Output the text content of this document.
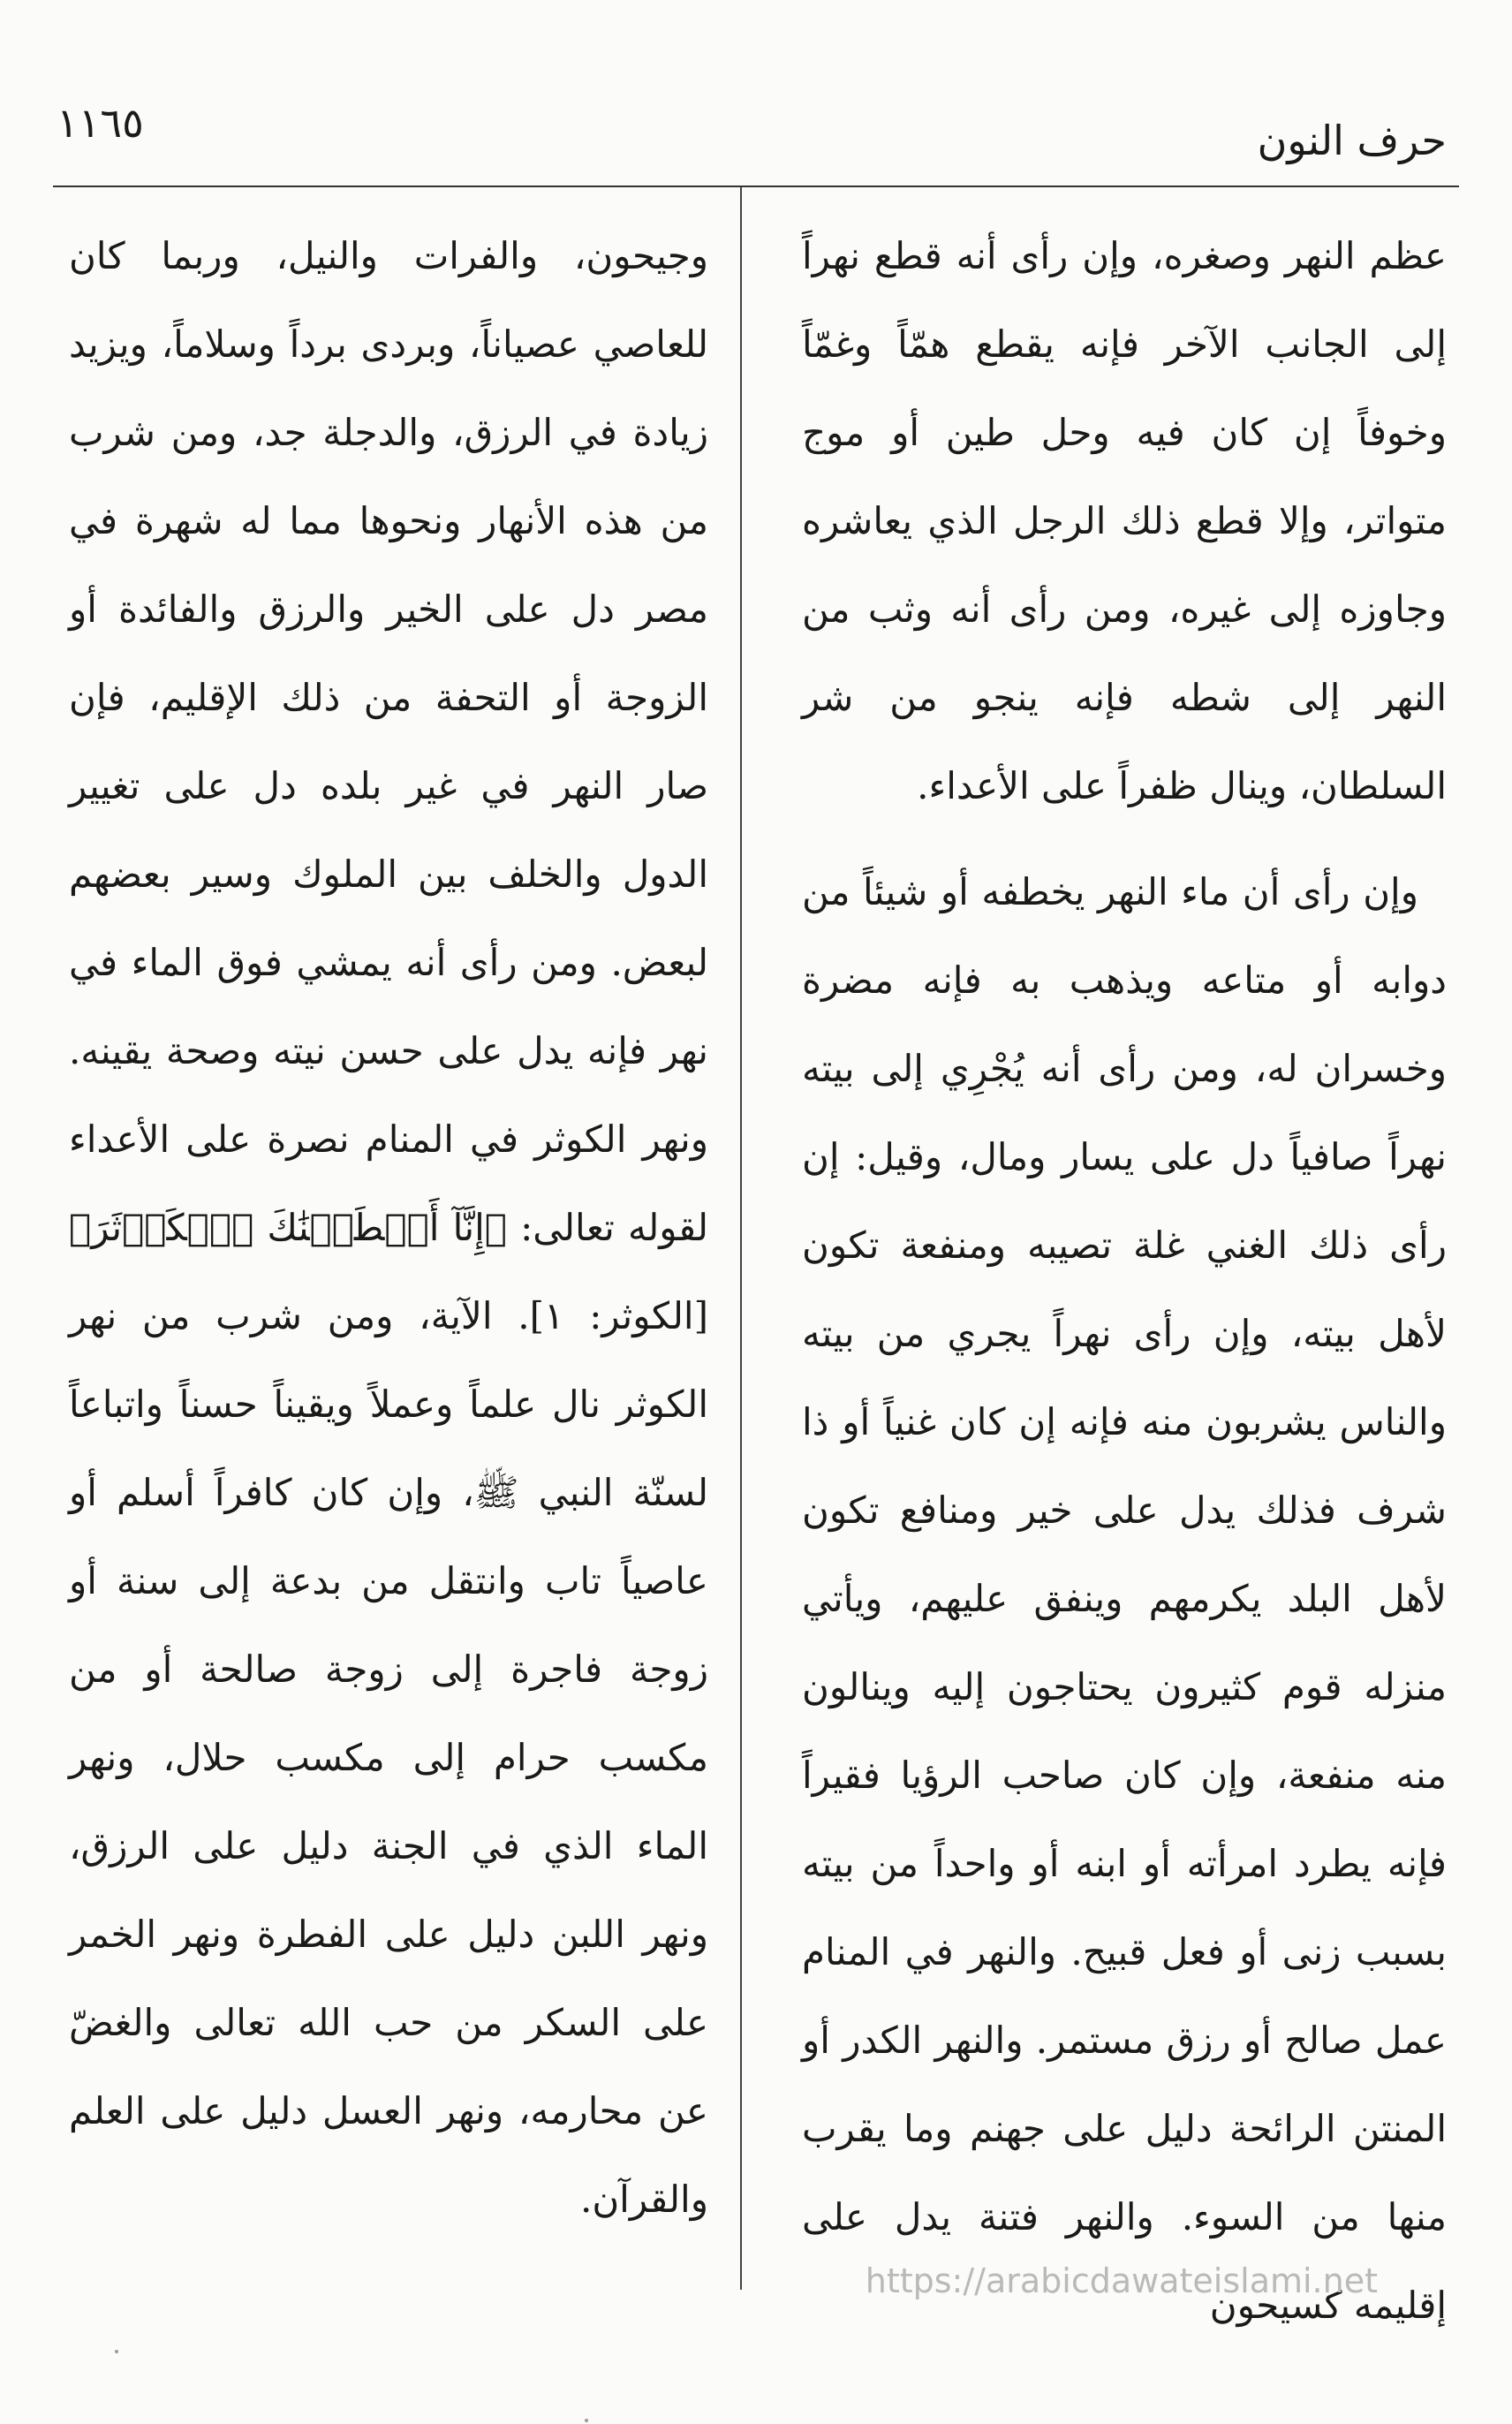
حرف النون
١١٦٥

عظم النهر وصغره، وإن رأى أنه قطع نهراً إلى الجانب الآخر فإنه يقطع همّاً وغمّاً وخوفاً إن كان فيه وحل طين أو موج متواتر، وإلا قطع ذلك الرجل الذي يعاشره وجاوزه إلى غيره، ومن رأى أنه وثب من النهر إلى شطه فإنه ينجو من شر السلطان، وينال ظفراً على الأعداء.

وإن رأى أن ماء النهر يخطفه أو شيئاً من دوابه أو متاعه ويذهب به فإنه مضرة وخسران له، ومن رأى أنه يُجْرِي إلى بيته نهراً صافياً دل على يسار ومال، وقيل: إن رأى ذلك الغني غلة تصيبه ومنفعة تكون لأهل بيته، وإن رأى نهراً يجري من بيته والناس يشربون منه فإنه إن كان غنياً أو ذا شرف فذلك يدل على خير ومنافع تكون لأهل البلد يكرمهم وينفق عليهم، ويأتي منزله قوم كثيرون يحتاجون إليه وينالون منه منفعة، وإن كان صاحب الرؤيا فقيراً فإنه يطرد امرأته أو ابنه أو واحداً من بيته بسبب زنى أو فعل قبيح. والنهر في المنام عمل صالح أو رزق مستمر. والنهر الكدر أو المنتن الرائحة دليل على جهنم وما يقرب منها من السوء. والنهر فتنة يدل على إقليمه كسيحون

وجيحون، والفرات والنيل، وربما كان للعاصي عصياناً، وبردى برداً وسلاماً، ويزيد زيادة في الرزق، والدجلة جد، ومن شرب من هذه الأنهار ونحوها مما له شهرة في مصر دل على الخير والرزق والفائدة أو الزوجة أو التحفة من ذلك الإقليم، فإن صار النهر في غير بلده دل على تغيير الدول والخلف بين الملوك وسير بعضهم لبعض. ومن رأى أنه يمشي فوق الماء في نهر فإنه يدل على حسن نيته وصحة يقينه. ونهر الكوثر في المنام نصرة على الأعداء لقوله تعالى: ﴿إِنَّآ أَعۡطَيۡنَٰكَ ٱلۡكَوۡثَرَ﴾ [الكوثر: ١]. الآية، ومن شرب من نهر الكوثر نال علماً وعملاً ويقيناً حسناً واتباعاً لسنّة النبي ﷺ، وإن كان كافراً أسلم أو عاصياً تاب وانتقل من بدعة إلى سنة أو زوجة فاجرة إلى زوجة صالحة أو من مكسب حرام إلى مكسب حلال، ونهر الماء الذي في الجنة دليل على الرزق، ونهر اللبن دليل على الفطرة ونهر الخمر على السكر من حب الله تعالى والغضّ عن محارمه، ونهر العسل دليل على العلم والقرآن.

https://arabicdawateislami.net
